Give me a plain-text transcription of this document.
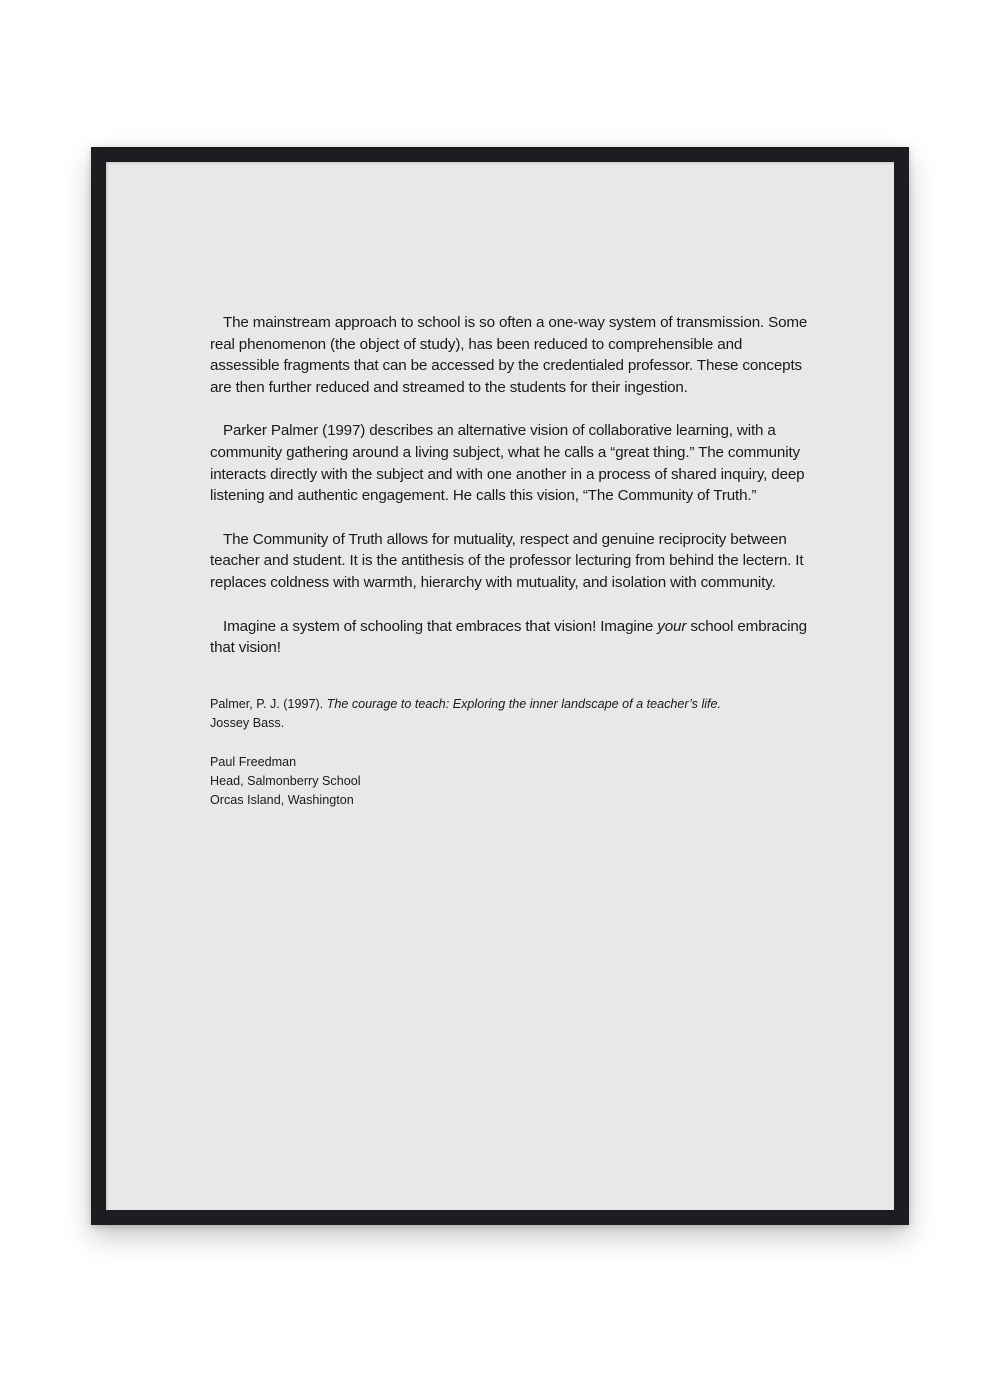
The mainstream approach to school is so often a one-way system of transmission. Some real phenomenon (the object of study), has been reduced to comprehensible and assessible fragments that can be accessed by the credentialed professor. These concepts are then further reduced and streamed to the students for their ingestion.

Parker Palmer (1997) describes an alternative vision of collaborative learning, with a community gathering around a living subject, what he calls a “great thing.” The community interacts directly with the subject and with one another in a process of shared inquiry, deep listening and authentic engagement. He calls this vision, “The Community of Truth.”

The Community of Truth allows for mutuality, respect and genuine reciprocity between teacher and student. It is the antithesis of the professor lecturing from behind the lectern. It replaces coldness with warmth, hierarchy with mutuality, and isolation with community.

Imagine a system of schooling that embraces that vision! Imagine your school embracing that vision!

Palmer, P. J. (1997). The courage to teach: Exploring the inner landscape of a teacher’s life.
Jossey Bass.

Paul Freedman

Head, Salmonberry School

Orcas Island, Washington
